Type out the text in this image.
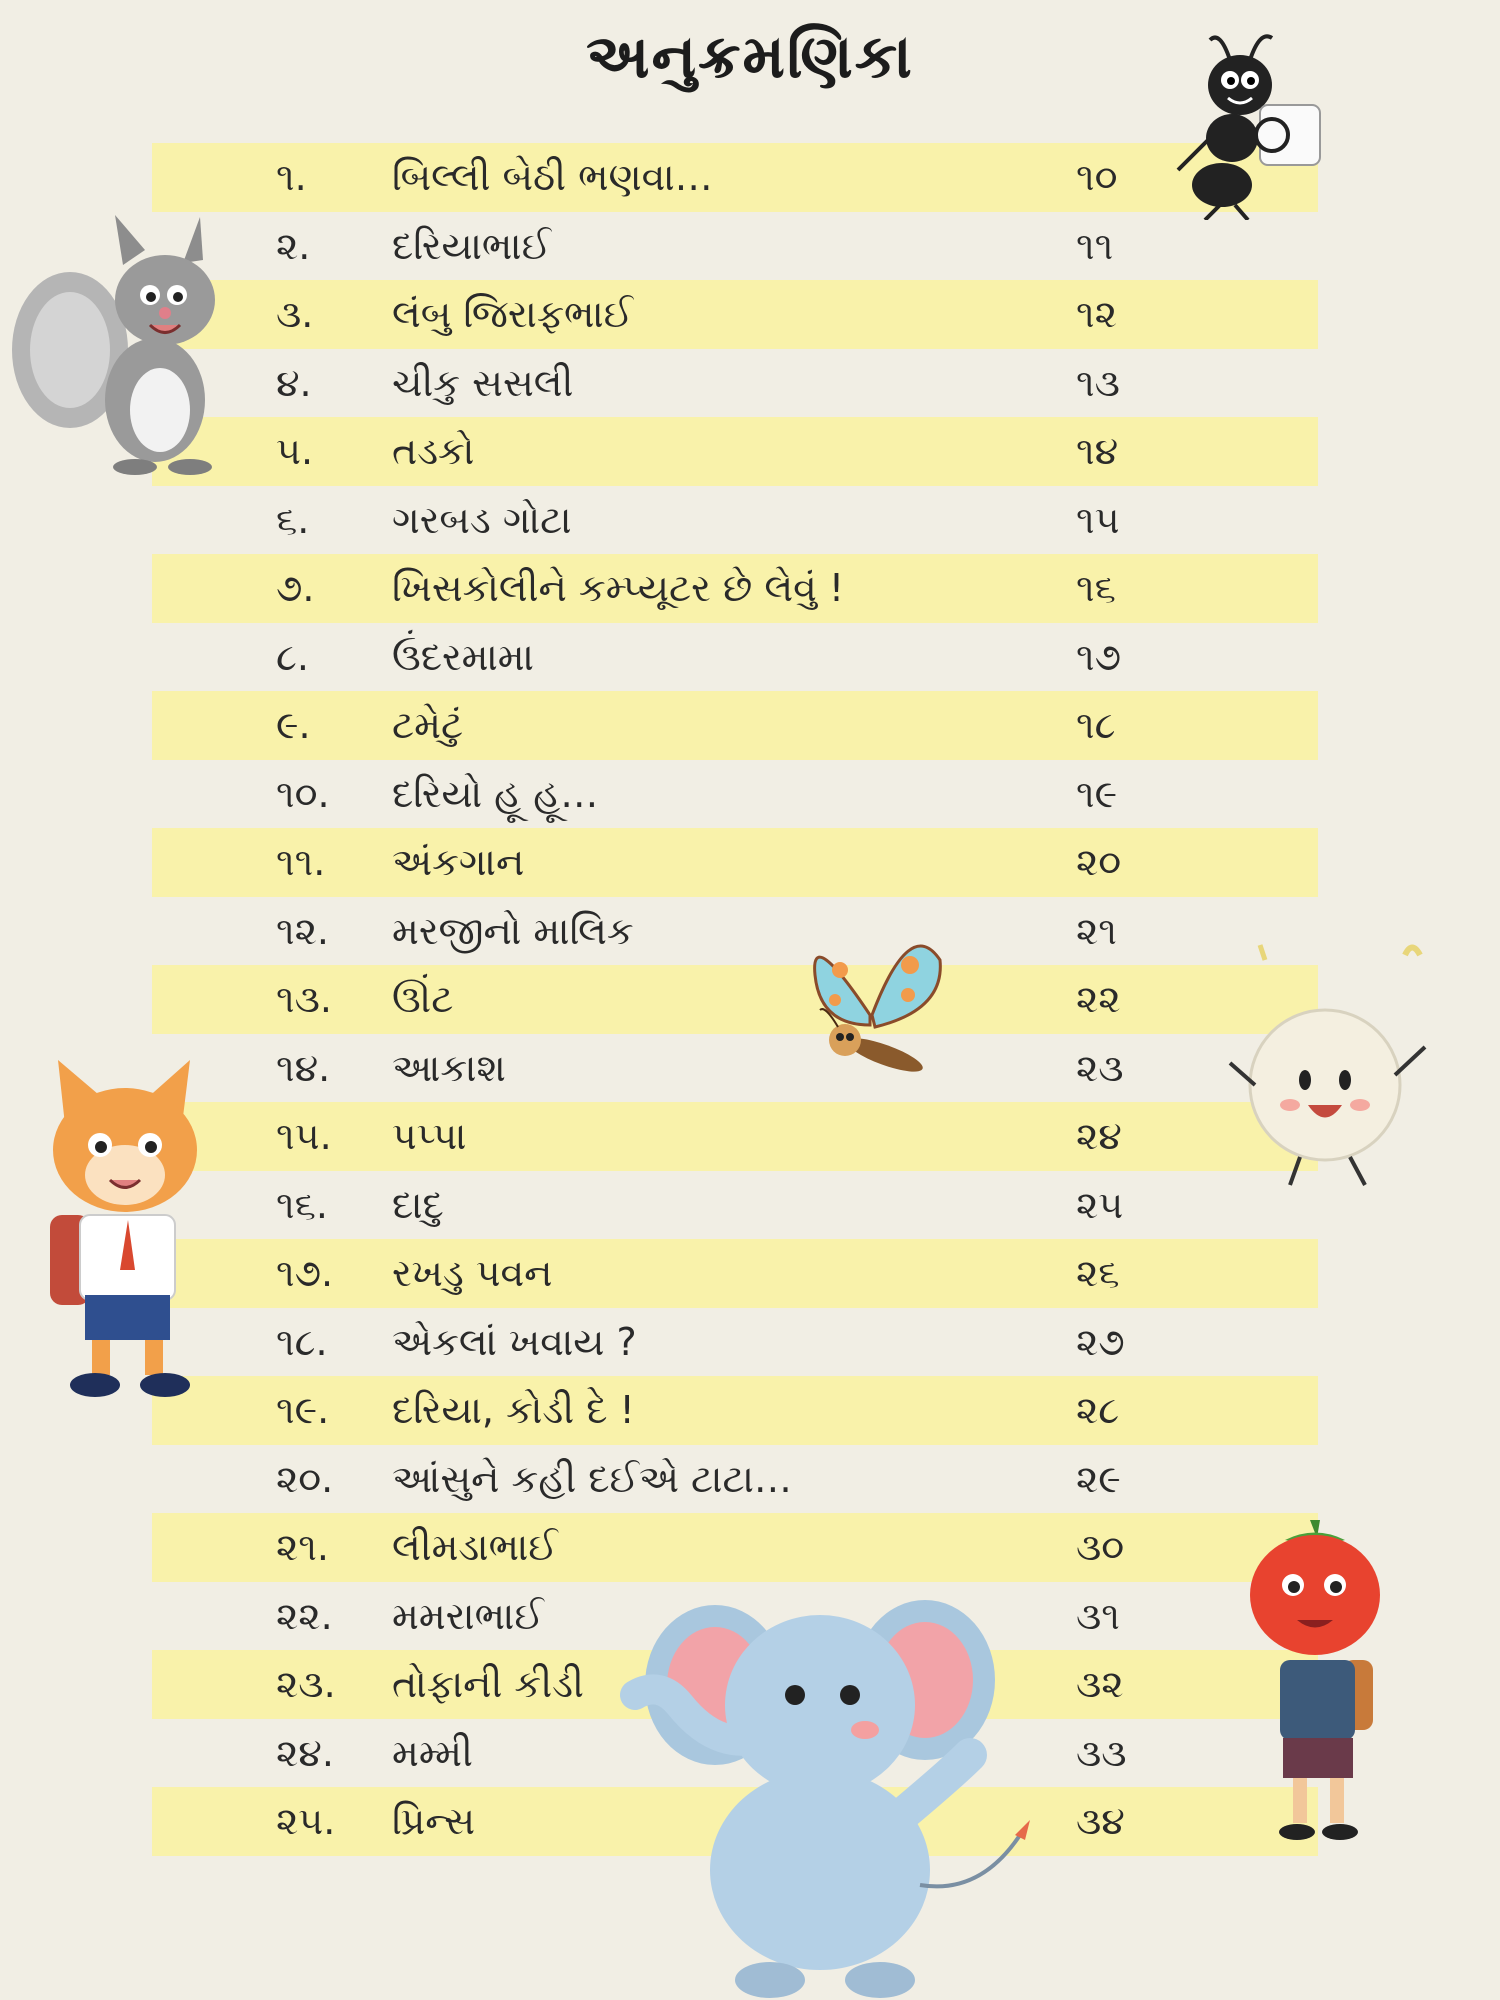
અનુક્રમણિકા
૧. બિલ્લી બેઠી ભણવા…	૧૦
૨. દરિયાભાઈ	૧૧
૩. લંબુ જિરાફભાઈ	૧૨
૪. ચીકુ સસલી	૧૩
૫. તડકો	૧૪
૬. ગરબડ ગોટા	૧૫
૭. ખિસકોલીને કમ્પ્યૂટર છે લેવું !	૧૬
૮. ઉંદરમામા	૧૭
૯. ટમેટું	૧૮
૧૦. દરિયો હૂ હૂ…	૧૯
૧૧. અંકગાન	૨૦
૧૨. મરજીનો માલિક	૨૧
૧૩. ઊંટ	૨૨
૧૪. આકાશ	૨૩
૧૫. પપ્પા	૨૪
૧૬. દાદુ	૨૫
૧૭. રખડુ પવન	૨૬
૧૮. એકલાં ખવાય ?	૨૭
૧૯. દરિયા, કોડી દે !	૨૮
૨૦. આંસુને કહી દઈએ ટાટા…	૨૯
૨૧. લીમડાભાઈ	૩૦
૨૨. મમરાભાઈ	૩૧
૨૩. તોફાની કીડી	૩૨
૨૪. મમ્મી	૩૩
૨૫. પ્રિન્સ	૩૪
